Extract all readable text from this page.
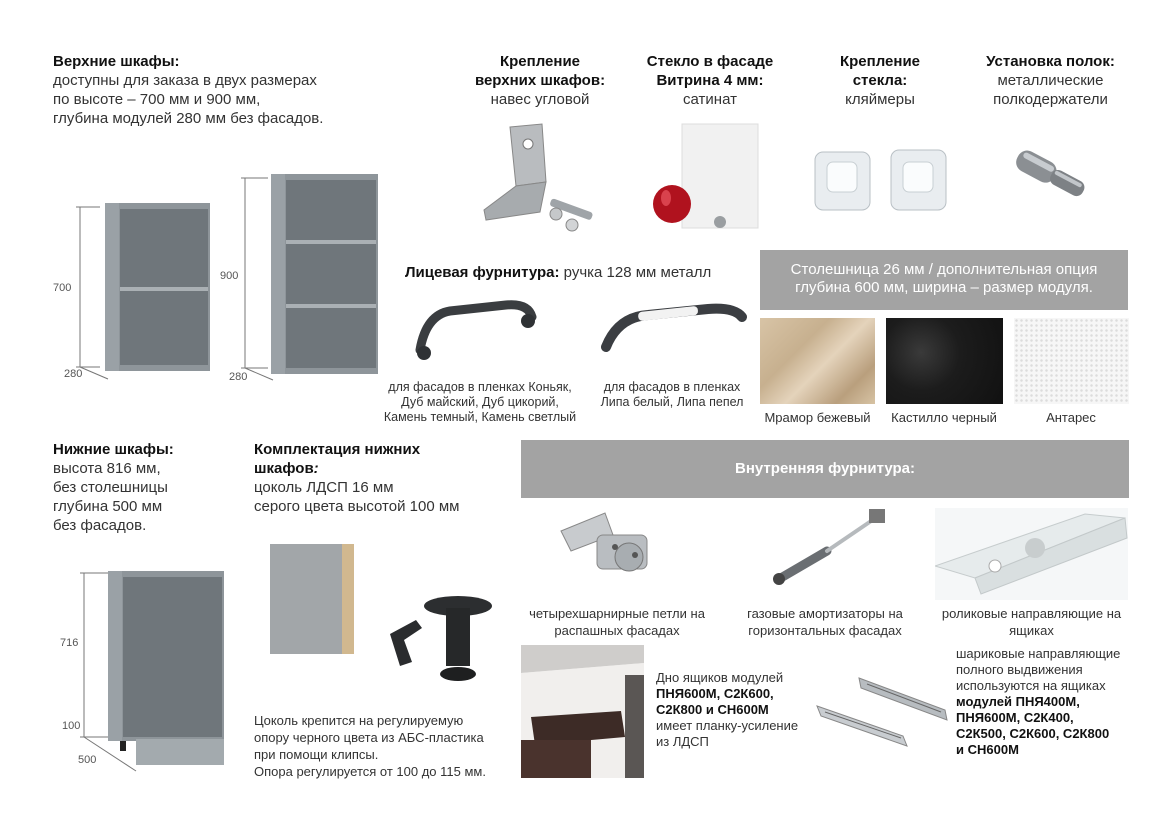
Верхние шкафы:
доступны для заказа в двух размерах
по высоте – 700 мм и 900 мм,
глубина модулей 280 мм без фасадов.
700
280
900
280
Крепление
верхних шкафов:
навес угловой
Стекло в фасаде
Витрина 4 мм:
сатинат
Крепление
стекла:
кляймеры
Установка полок:
металлические
полкодержатели
Лицевая фурнитура: ручка 128 мм металл
для фасадов в пленках Коньяк,
Дуб майский, Дуб цикорий,
Камень темный, Камень светлый
для фасадов в пленках
Липа белый, Липа пепел
Столешница 26 мм / дополнительная опция
глубина 600 мм, ширина – размер модуля.
Мрамор бежевый	Кастилло черный	Антарес
Нижние шкафы:
высота 816 мм,
без столешницы
глубина 500 мм
без фасадов.
716
100
500
Комплектация нижних
шкафов:
цоколь ЛДСП 16 мм
серого цвета высотой 100 мм
Цоколь крепится на регулируемую
опору черного цвета из АБС-пластика
при помощи клипсы.
Опора регулируется от 100 до 115 мм.
Внутренняя фурнитура:
четырехшарнирные петли на
распашных фасадах
газовые амортизаторы на
горизонтальных фасадах
роликовые направляющие на
ящиках
Дно ящиков модулей
ПНЯ600М, С2К600,
С2К800 и СН600М
имеет планку-усиление
из ЛДСП
шариковые направляющие
полного выдвижения
используются на ящиках
модулей ПНЯ400М,
ПНЯ600М, С2К400,
С2К500, С2К600, С2К800
и СН600М
